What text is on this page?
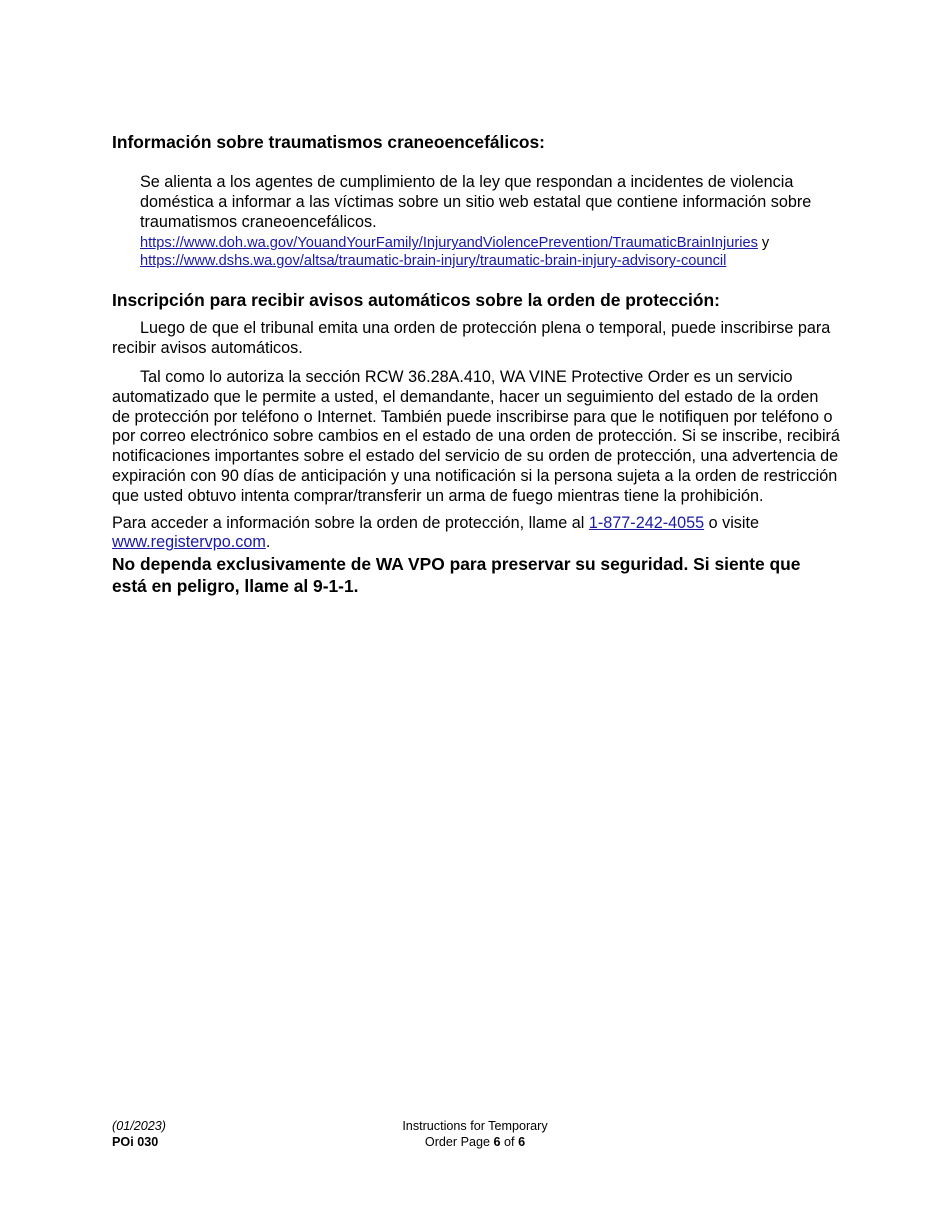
Información sobre traumatismos craneoencefálicos:

Se alienta a los agentes de cumplimiento de la ley que respondan a incidentes de violencia doméstica a informar a las víctimas sobre un sitio web estatal que contiene información sobre traumatismos craneoencefálicos.

https://www.doh.wa.gov/YouandYourFamily/InjuryandViolencePrevention/TraumaticBrainInjuries y

https://www.dshs.wa.gov/altsa/traumatic-brain-injury/traumatic-brain-injury-advisory-council

Inscripción para recibir avisos automáticos sobre la orden de protección:

Luego de que el tribunal emita una orden de protección plena o temporal, puede inscribirse para recibir avisos automáticos.

Tal como lo autoriza la sección RCW 36.28A.410, WA VINE Protective Order es un servicio automatizado que le permite a usted, el demandante, hacer un seguimiento del estado de la orden de protección por teléfono o Internet. También puede inscribirse para que le notifiquen por teléfono o por correo electrónico sobre cambios en el estado de una orden de protección. Si se inscribe, recibirá notificaciones importantes sobre el estado del servicio de su orden de protección, una advertencia de expiración con 90 días de anticipación y una notificación si la persona sujeta a la orden de restricción que usted obtuvo intenta comprar/transferir un arma de fuego mientras tiene la prohibición.

Para acceder a información sobre la orden de protección, llame al 1-877-242-4055 o visite www.registervpo.com.

No dependa exclusivamente de WA VPO para preservar su seguridad. Si siente que está en peligro, llame al 9-1-1.

(01/2023)
POi 030
Instructions for Temporary
Order Page 6 of 6
